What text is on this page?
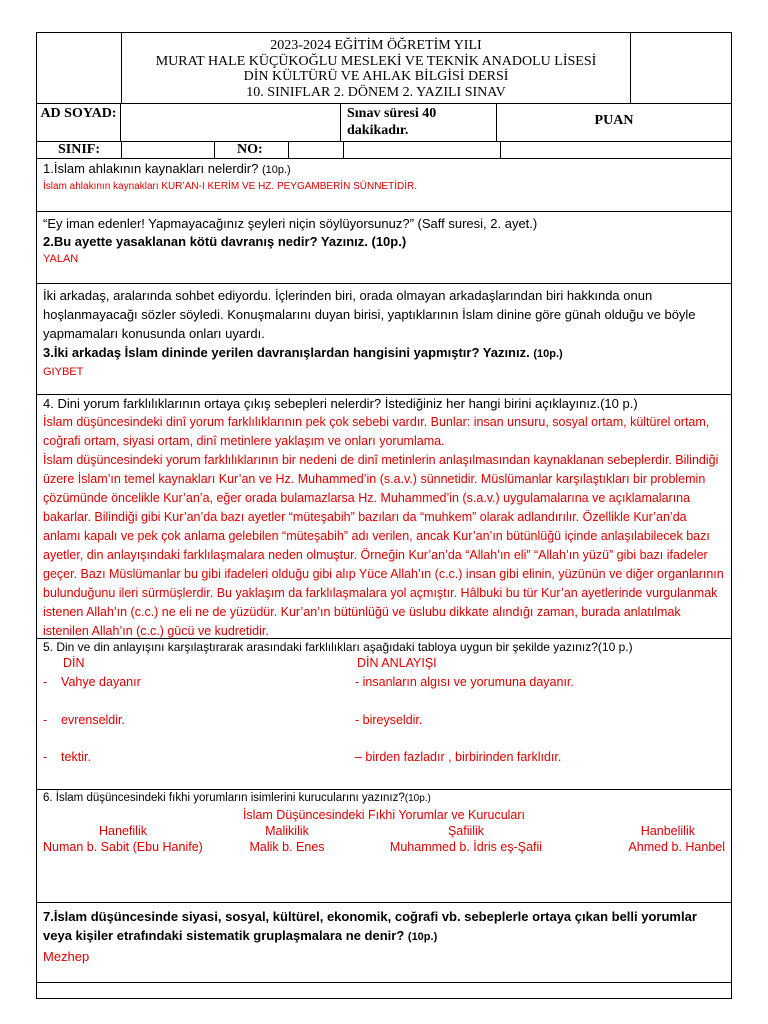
2023-2024 EĞİTİM ÖĞRETİM YILI
MURAT HALE KÜÇÜKOĞLU MESLEKİ VE TEKNİK ANADOLU LİSESİ
DİN KÜLTÜRÜ VE AHLAK BİLGİSİ DERSİ
10. SINIFLAR 2. DÖNEM 2. YAZILI SINAV
AD SOYAD:	Sınav süresi 40 dakikadır.
PUAN
SINIF:	NO:

1.İslam ahlakının kaynakları nelerdir? (10p.)

İslam ahlakının kaynakları KUR’AN-I KERİM VE HZ. PEYGAMBERİN SÜNNETİDİR.

“Ey iman edenler! Yapmayacağınız şeyleri niçin söylüyorsunuz?” (Saff suresi, 2. ayet.)

2.Bu ayette yasaklanan kötü davranış nedir? Yazınız. (10p.)

YALAN

İki arkadaş, aralarında sohbet ediyordu. İçlerinden biri, orada olmayan arkadaşlarından biri hakkında onun hoşlanmayacağı sözler söyledi. Konuşmalarını duyan birisi, yaptıklarının İslam dinine göre günah olduğu ve böyle yapmamaları konusunda onları uyardı.

3.İki arkadaş İslam dininde yerilen davranışlardan hangisini yapmıştır? Yazınız. (10p.)

GIYBET

4. Dini yorum farklılıklarının ortaya çıkış sebepleri nelerdir? İstediğiniz her hangi birini açıklayınız.(10 p.)

İslam düşüncesindeki dinî yorum farklılıklarının pek çok sebebi vardır. Bunlar: insan unsuru, sosyal ortam, kültürel ortam, coğrafi ortam, siyasi ortam, dinî metinlere yaklaşım ve onları yorumlama.

İslam düşüncesindeki yorum farklılıklarının bir nedeni de dinî metinlerin anlaşılmasından kaynaklanan sebeplerdir. Bilindiği üzere İslam’ın temel kaynakları Kur’an ve Hz. Muhammed’in (s.a.v.) sünnetidir. Müslümanlar karşılaştıkları bir problemin çözümünde öncelikle Kur’an’a, eğer orada bulamazlarsa Hz. Muhammed’in (s.a.v.) uygulamalarına ve açıklamalarına bakarlar. Bilindiği gibi Kur’an’da bazı ayetler “müteşabih” bazıları da “muhkem” olarak adlandırılır. Özellikle Kur’an’da anlamı kapalı ve pek çok anlama gelebilen “müteşabih” adı verilen, ancak Kur’an’ın bütünlüğü içinde anlaşılabilecek bazı ayetler, din anlayışındaki farklılaşmalara neden olmuştur. Örneğin Kur’an’da “Allah’ın eli” “Allah’ın yüzü” gibi bazı ifadeler geçer. Bazı Müslümanlar bu gibi ifadeleri olduğu gibi alıp Yüce Allah’ın (c.c.) insan gibi elinin, yüzünün ve diğer organlarının bulunduğunu ileri sürmüşlerdir. Bu yaklaşım da farklılaşmalara yol açmıştır. Hâlbuki bu tür Kur’an ayetlerinde vurgulanmak istenen Allah’ın (c.c.) ne eli ne de yüzüdür. Kur’an’ın bütünlüğü ve üslubu dikkate alındığı zaman, burada anlatılmak istenilen Allah’ın (c.c.) gücü ve kudretidir.

5. Din ve din anlayışını karşılaştırarak arasındaki farklılıkları aşağıdaki tabloya uygun bir şekilde yazınız?(10 p.)

DİN	DİN ANLAYIŞI
-    Vahye dayanır	- insanların algısı ve yorumuna dayanır.
-    evrenseldir.	- bireyseldir.
-    tektir.	– birden fazladır , birbirinden farklıdır.

6. İslam düşüncesindeki fıkhi yorumların isimlerini kurucularını yazınız?(10p.)

İslam Düşüncesindeki Fıkhi Yorumlar ve Kurucuları

Hanefilik	Malikilik	Şafiilik	Hanbelilik
Numan b. Sabit (Ebu Hanife)	Malik b. Enes	Muhammed b. İdris eş-Şafii	Ahmed b. Hanbel

7.İslam düşüncesinde siyasi, sosyal, kültürel, ekonomik, coğrafi vb. sebeplerle ortaya çıkan belli yorumlar veya kişiler etrafındaki sistematik gruplaşmalara ne denir? (10p.)

Mezhep
